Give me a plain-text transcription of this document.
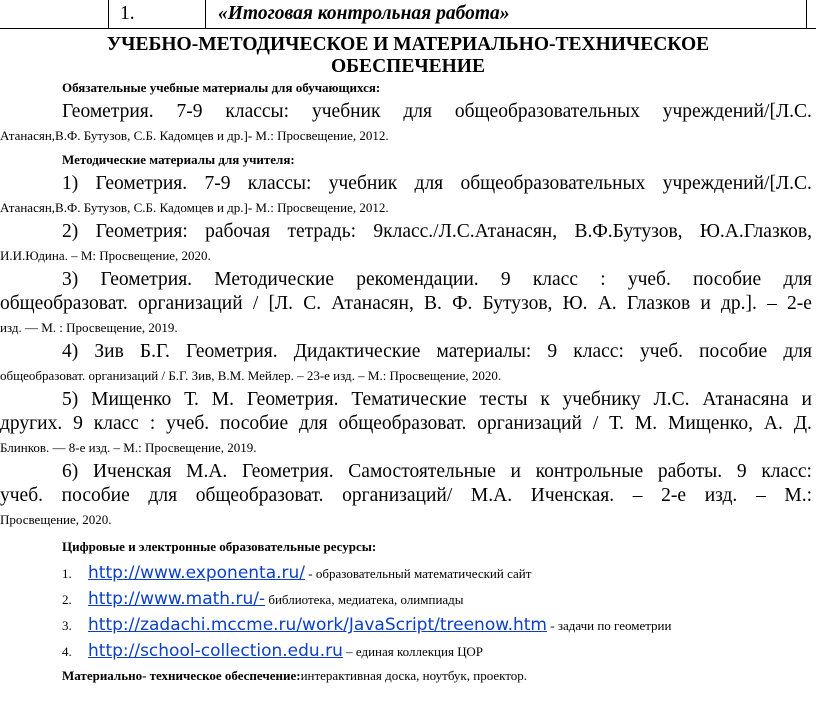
1.	«Итоговая контрольная работа»
УЧЕБНО-МЕТОДИЧЕСКОЕ И МАТЕРИАЛЬНО-ТЕХНИЧЕСКОЕ
ОБЕСПЕЧЕНИЕ
Обязательные учебные материалы для обучающихся:
Геометрия. 7-9 классы: учебник для общеобразовательных учреждений/[Л.С.
Атанасян,В.Ф. Бутузов, С.Б. Кадомцев и др.]- М.: Просвещение, 2012.
Методические материалы для учителя:
1) Геометрия. 7-9 классы: учебник для общеобразовательных учреждений/[Л.С.
Атанасян,В.Ф. Бутузов, С.Б. Кадомцев и др.]- М.: Просвещение, 2012.
2) Геометрия: рабочая тетрадь: 9класс./Л.С.Атанасян, В.Ф.Бутузов, Ю.А.Глазков,
И.И.Юдина. – М: Просвещение, 2020.
3) Геометрия. Методические рекомендации. 9 класс : учеб. пособие для
общеобразоват. организаций / [Л. С. Атанасян, В. Ф. Бутузов, Ю. А. Глазков и др.]. – 2-е
изд. — М. : Просвещение, 2019.
4) Зив Б.Г. Геометрия. Дидактические материалы: 9 класс: учеб. пособие для
общеобразоват. организаций / Б.Г. Зив, В.М. Мейлер. – 23-е изд. – М.: Просвещение, 2020.
5) Мищенко Т. М. Геометрия. Тематические тесты к учебнику Л.С. Атанасяна и
других. 9 класс : учеб. пособие для общеобразоват. организаций / Т. М. Мищенко, А. Д.
Блинков. — 8-е изд. – М.: Просвещение, 2019.
6) Иченская М.А. Геометрия. Самостоятельные и контрольные работы. 9 класс:
учеб. пособие для общеобразоват. организаций/ М.А. Иченская. – 2-е изд. – М.:
Просвещение, 2020.
Цифровые и электронные образовательные ресурсы:
1. http://www.exponenta.ru/ - образовательный математический сайт
2. http://www.math.ru/- библиотека, медиатека, олимпиады
3. http://zadachi.mccme.ru/work/JavaScript/treenow.htm - задачи по геометрии
4. http://school-collection.edu.ru – единая коллекция ЦОР
Материально- техническое обеспечение:интерактивная доска, ноутбук, проектор.
